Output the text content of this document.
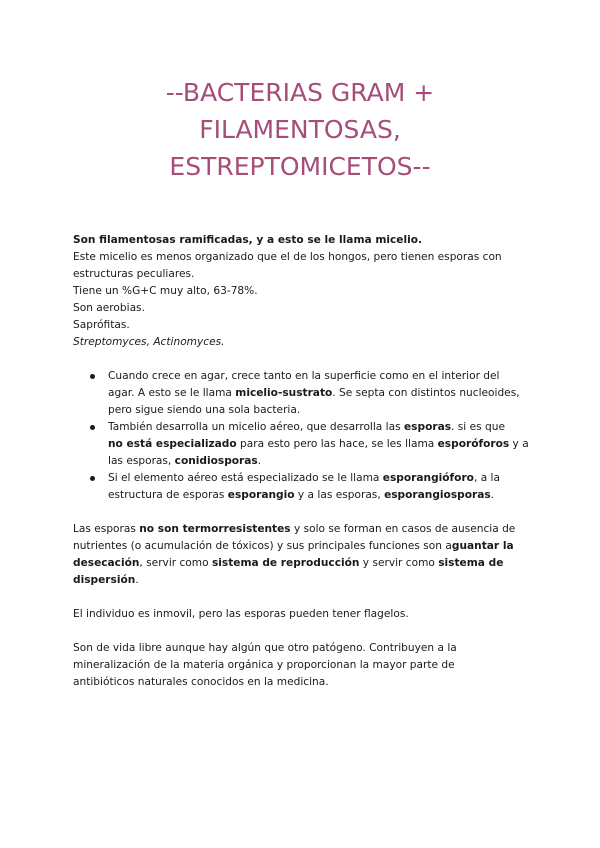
--BACTERIAS GRAM +
FILAMENTOSAS,
ESTREPTOMICETOS--

Son filamentosas ramificadas, y a esto se le llama micelio.

Este micelio es menos organizado que el de los hongos, pero tienen esporas con

estructuras peculiares.

Tiene un %G+C muy alto, 63-78%.

Son aerobias.

Saprófitas.

Streptomyces, Actinomyces.

Cuando crece en agar, crece tanto en la superficie como en el interior del
agar. A esto se le llama micelio-sustrato. Se septa con distintos nucleoides,
pero sigue siendo una sola bacteria.
También desarrolla un micelio aéreo, que desarrolla las esporas. si es que
no está especializado para esto pero las hace, se les llama esporóforos y a
las esporas, conidiosporas.
Si el elemento aéreo está especializado se le llama esporangióforo, a la
estructura de esporas esporangio y a las esporas, esporangiosporas.
Las esporas no son termorresistentes y solo se forman en casos de ausencia de
nutrientes (o acumulación de tóxicos) y sus principales funciones son aguantar la
desecación, servir como sistema de reproducción y servir como sistema de
dispersión.

El individuo es inmovil, pero las esporas pueden tener flagelos.

Son de vida libre aunque hay algún que otro patógeno. Contribuyen a la
mineralización de la materia orgánica y proporcionan la mayor parte de
antibióticos naturales conocidos en la medicina.
